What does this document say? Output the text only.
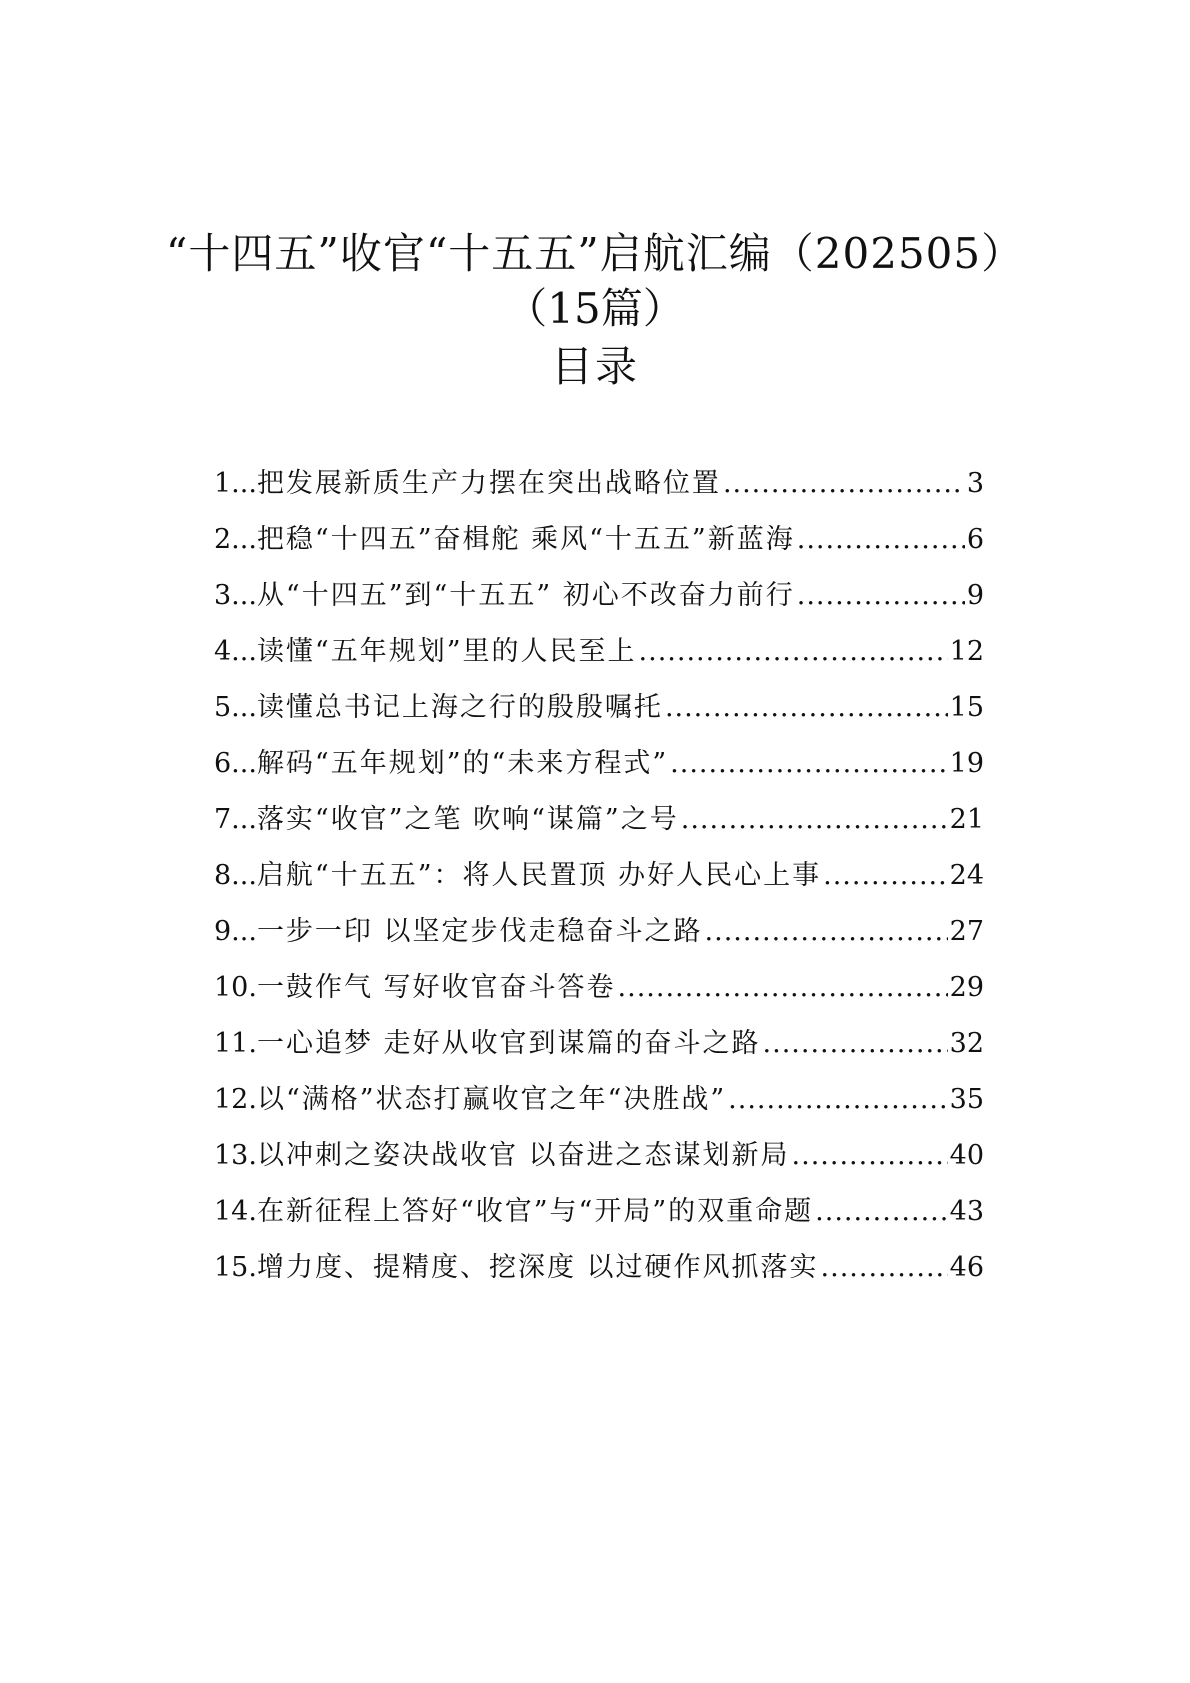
“十四五”收官“十五五”启航汇编（202505）
（15篇）
目录
1... 把发展新质生产力摆在突出战略位置 .....	3
2... 把稳“十四五”奋楫舵 乘风“十五五”新蓝海 .....	6
3... 从“十四五”到“十五五” 初心不改奋力前行 .....	9
4... 读懂“五年规划”里的人民至上 .....	12
5... 读懂总书记上海之行的殷殷嘱托 .....	15
6... 解码“五年规划”的“未来方程式” .....	19
7... 落实“收官”之笔 吹响“谋篇”之号 .....	21
8... 启航“十五五”：将人民置顶 办好人民心上事 .....	24
9... 一步一印 以坚定步伐走稳奋斗之路 .....	27
10. 一鼓作气 写好收官奋斗答卷 .....	29
11. 一心追梦 走好从收官到谋篇的奋斗之路 .....	32
12. 以“满格”状态打赢收官之年“决胜战” .....	35
13. 以冲刺之姿决战收官 以奋进之态谋划新局 .....	40
14. 在新征程上答好“收官”与“开局”的双重命题 .....	43
15. 增力度、提精度、挖深度 以过硬作风抓落实 .....	46
